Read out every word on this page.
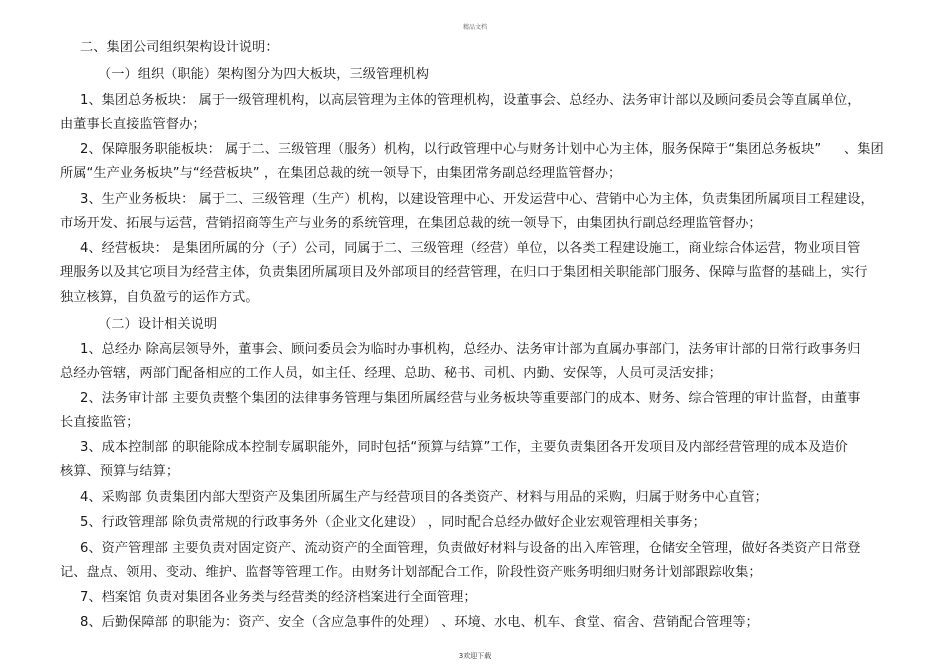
精品文档
二、集团公司组织架构设计说明：
（一）组织（职能）架构图分为四大板块，三级管理机构
1、集团总务板块： 属于一级管理机构，以高层管理为主体的管理机构，设董事会、总经办、法务审计部以及顾问委员会等直属单位，
由董事长直接监管督办；
2、保障服务职能板块： 属于二、三级管理（服务）机构，以行政管理中心与财务计划中心为主体，服务保障于“集团总务板块” 、集团
所属“生产业务板块”与“经营板块” ，在集团总裁的统一领导下，由集团常务副总经理监管督办；
3、生产业务板块： 属于二、三级管理（生产）机构，以建设管理中心、开发运营中心、营销中心为主体，负责集团所属项目工程建设，
市场开发、拓展与运营，营销招商等生产与业务的系统管理，在集团总裁的统一领导下，由集团执行副总经理监管督办；
4、经营板块： 是集团所属的分（子）公司，同属于二、三级管理（经营）单位，以各类工程建设施工，商业综合体运营，物业项目管
理服务以及其它项目为经营主体，负责集团所属项目及外部项目的经营管理，在归口于集团相关职能部门服务、保障与监督的基础上，实行
独立核算，自负盈亏的运作方式。
（二）设计相关说明
1、总经办 除高层领导外，董事会、顾问委员会为临时办事机构，总经办、法务审计部为直属办事部门，法务审计部的日常行政事务归
总经办管辖，两部门配备相应的工作人员，如主任、经理、总助、秘书、司机、内勤、安保等，人员可灵活安排；
2、法务审计部 主要负责整个集团的法律事务管理与集团所属经营与业务板块等重要部门的成本、财务、综合管理的审计监督，由董事
长直接监管；
3、成本控制部 的职能除成本控制专属职能外，同时包括“预算与结算”工作，主要负责集团各开发项目及内部经营管理的成本及造价
核算、预算与结算；
4、采购部 负责集团内部大型资产及集团所属生产与经营项目的各类资产、材料与用品的采购，归属于财务中心直管；
5、行政管理部 除负责常规的行政事务外（企业文化建设） ，同时配合总经办做好企业宏观管理相关事务；
6、资产管理部 主要负责对固定资产、流动资产的全面管理，负责做好材料与设备的出入库管理，仓储安全管理，做好各类资产日常登
记、盘点、领用、变动、维护、监督等管理工作。由财务计划部配合工作，阶段性资产账务明细归财务计划部跟踪收集；
7、档案馆 负责对集团各业务类与经营类的经济档案进行全面管理；
8、后勤保障部 的职能为：资产、安全（含应急事件的处理） 、环境、水电、机车、食堂、宿舍、营销配合管理等；
3欢迎下载
